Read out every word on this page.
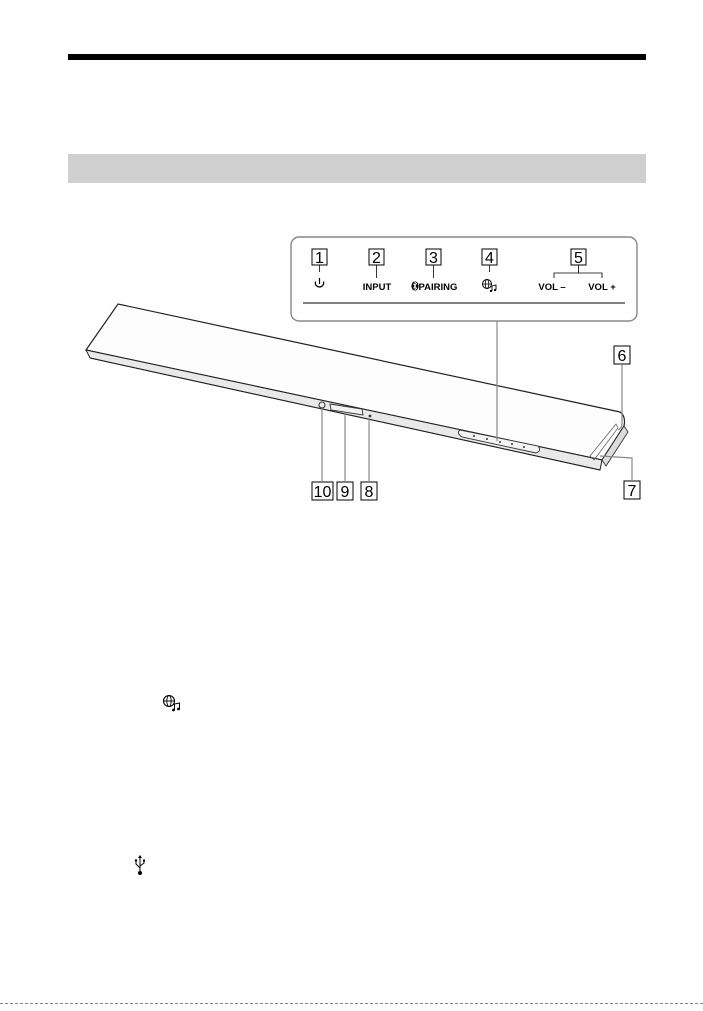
1	2	3	4	5
INPUT	PAIRING	VOL – VOL +
6
7
10 9 8
